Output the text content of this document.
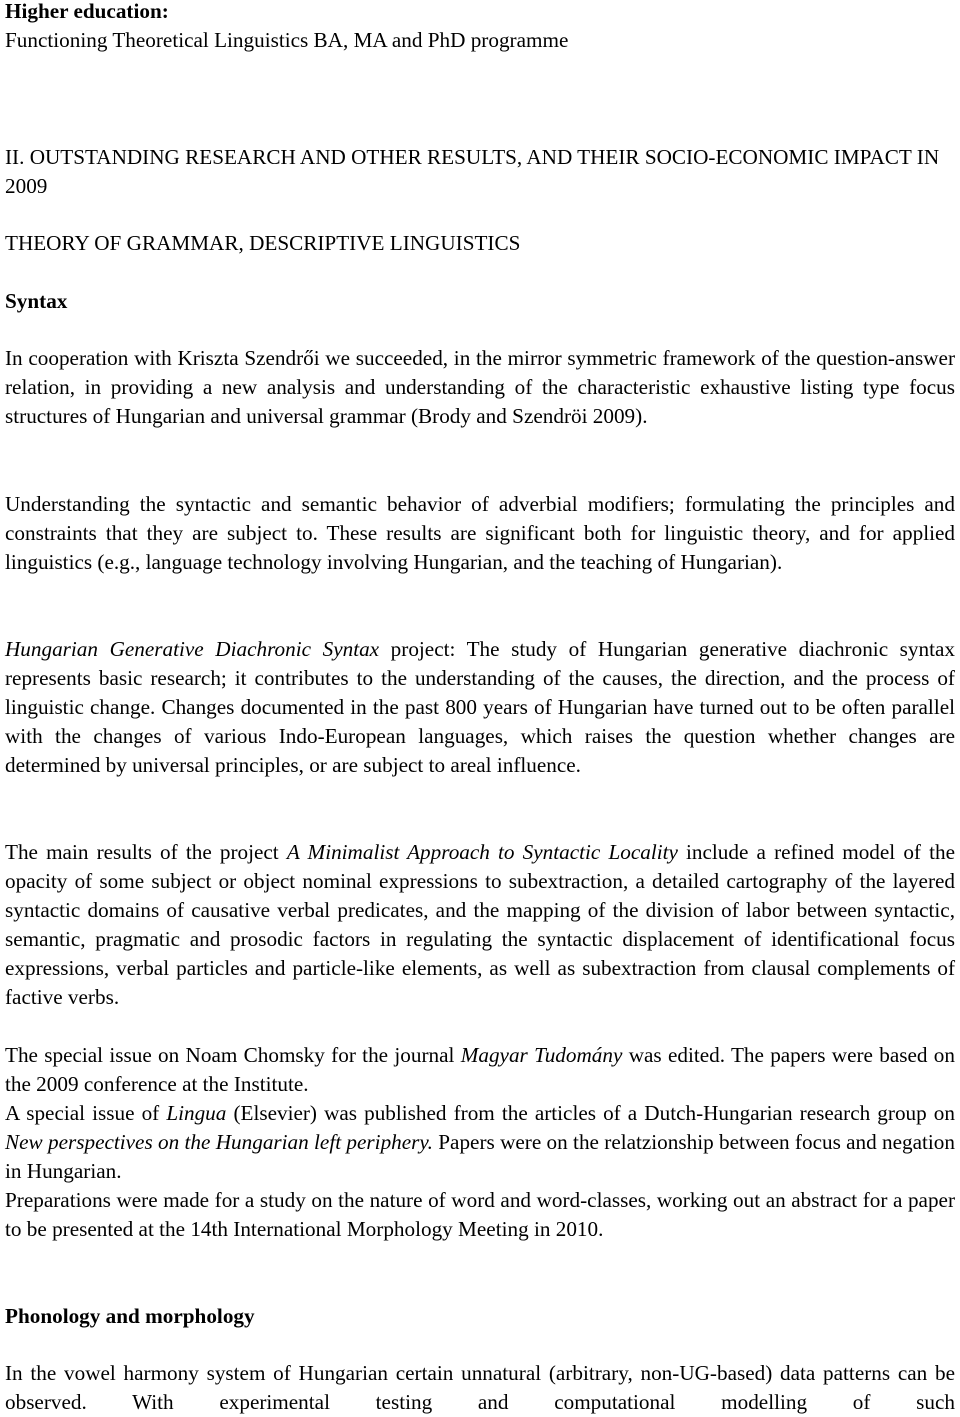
Higher education:

Functioning Theoretical Linguistics BA, MA and PhD programme

II. OUTSTANDING RESEARCH AND OTHER RESULTS, AND THEIR SOCIO-ECONOMIC IMPACT IN 2009

THEORY OF GRAMMAR, DESCRIPTIVE LINGUISTICS

Syntax

In cooperation with Kriszta Szendrői we succeeded, in the mirror symmetric framework of the question-answer relation, in providing a new analysis and understanding of the characteristic exhaustive listing type focus structures of Hungarian and universal grammar (Brody and Szendröi 2009).

Understanding the syntactic and semantic behavior of adverbial modifiers; formulating the principles and constraints that they are subject to. These results are significant both for linguistic theory, and for applied linguistics (e.g., language technology involving Hungarian, and the teaching of Hungarian).

Hungarian Generative Diachronic Syntax project: The study of Hungarian generative diachronic syntax represents basic research; it contributes to the understanding of the causes, the direction, and the process of linguistic change. Changes documented in the past 800 years of Hungarian have turned out to be often parallel with the changes of various Indo-European languages, which raises the question whether changes are determined by universal principles, or are subject to areal influence.

The main results of the project A Minimalist Approach to Syntactic Locality include a refined model of the opacity of some subject or object nominal expressions to subextraction, a detailed cartography of the layered syntactic domains of causative verbal predicates, and the mapping of the division of labor between syntactic, semantic, pragmatic and prosodic factors in regulating the syntactic displacement of identificational focus expressions, verbal particles and particle-like elements, as well as subextraction from clausal complements of factive verbs.

The special issue on Noam Chomsky for the journal Magyar Tudomány was edited. The papers were based on the 2009 conference at the Institute.

A special issue of Lingua (Elsevier) was published from the articles of a Dutch-Hungarian research group on New perspectives on the Hungarian left periphery. Papers were on the relatzionship between focus and negation in Hungarian.

Preparations were made for a study on the nature of word and word-classes, working out an abstract for a paper to be presented at the 14th International Morphology Meeting in 2010.

Phonology and morphology

In the vowel harmony system of Hungarian certain unnatural (arbitrary, non-UG-based) data patterns can be observed. With experimental testing and computational modelling of such
